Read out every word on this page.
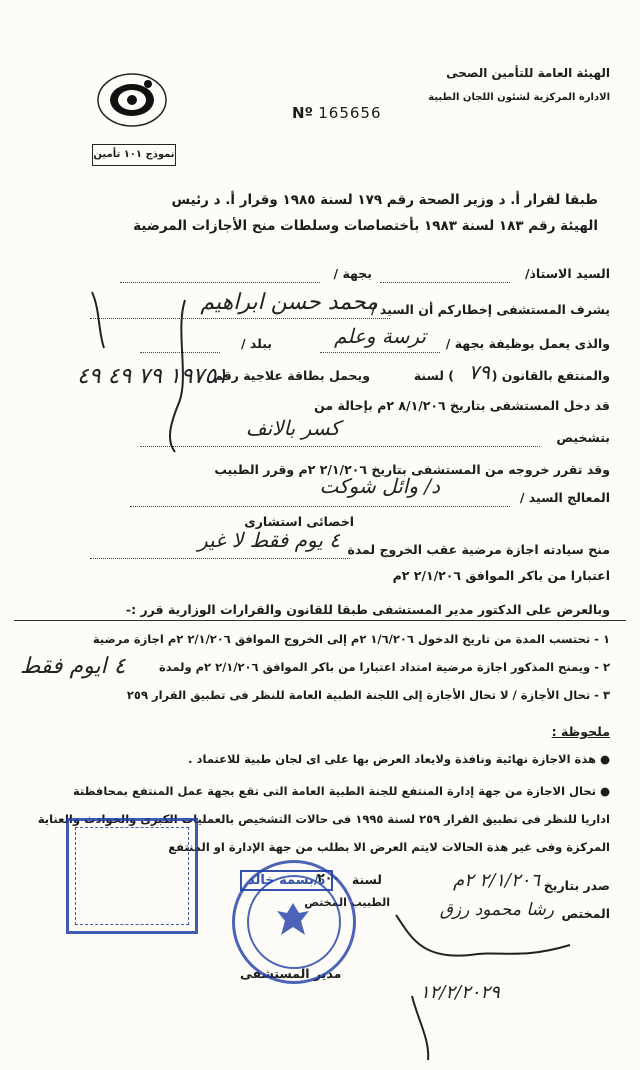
الهيئة العامة للتأمين الصحى
الادارة المركزية لشئون اللجان الطبية
Nº 165656
نموذج ١٠١ تأمين
طبقا لقرار أ. د وزير الصحة رقم ١٧٩ لسنة ١٩٨٥ وقرار أ. د رئيس
الهيئة رقم ١٨٣ لسنة ١٩٨٣ بأختصاصات وسلطات منح الأجازات المرضية
السيد الاستاذ/
بجهة /
يشرف المستشفى إخطاركم أن السيد /
محمد حسن ابراهيم
والذى يعمل بوظيفة بجهة /
ترسة وعلم
ببلد /
والمنتفع بالقانون (
٧٩
) لسنة
ويحمل بطاقة علاجية رقم
١٩٧٥١ ٧٩ ٤٩ ٤٩
قد دخل المستشفى بتاريخ ٨/١/٢٠٦ ٢م بإحالة من
بتشخيص
كسر بالانف
وقد تقرر خروجه من المستشفى بتاريخ ٢/١/٢٠٦ ٢م وقرر الطبيب
المعالج السيد /
د/ وائل شوكت
اخصائى استشارى
منح سيادته اجازة مرضية عقب الخروج لمدة
٤ يوم فقط لا غير
اعتبارا من باكر الموافق ٢/١/٢٠٦ ٢م
وبالعرض على الدكتور مدير المستشفى طبقا للقانون والقرارات الوزارية قرر :-
١ - تحتسب المدة من تاريخ الدخول ١/٦/٢٠٦ ٢م إلى الخروج الموافق ٢/١/٢٠٦ ٢م اجازة مرضية
٢ - ويمنح المذكور اجازة مرضية امتداد اعتبارا من باكر الموافق ٢/١/٢٠٦ ٢م ولمدة
٤ ايوم فقط
٣ - تحال الأجازة / لا تحال الأجازة إلى اللجنة الطبية العامة للنظر فى تطبيق القرار ٢٥٩
ملحوظة :
● هذة الاجازة نهائية ونافذة ولايعاد العرض بها على اى لجان طبية للاعتماد .
● تحال الاجازة من جهة إدارة المنتفع للجنة الطبية العامة التى تقع بجهة عمل المنتفع بمحافظتة
اداريا للنظر فى تطبيق القرار ٢٥٩ لسنة ١٩٩٥ فى حالات التشخيص بالعمليات الكبرى والحوادث والعناية
المركزة وفى غير هذة الحالات لايتم العرض الا بطلب من جهة الإدارة او المنتفع
صدر بتاريخ
٢/١/٢٠٦ ٢م
لسنة
٢٠٠
المختص
رشا محمود رزق
الطبيب المختص
مدير المستشفى
١٢/٢/٢٠٢٩
د/بسمة خالد
